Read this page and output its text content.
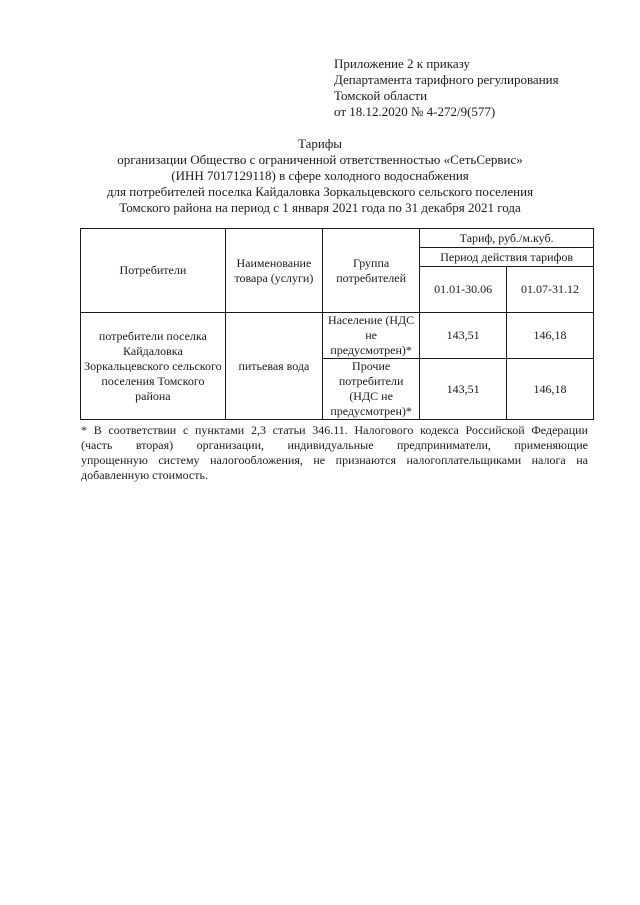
Приложение 2 к приказу
Департамента тарифного регулирования
Томской области
от 18.12.2020 № 4-272/9(577)
Тарифы
организации Общество с ограниченной ответственностью «СетьСервис»
(ИНН 7017129118) в сфере холодного водоснабжения
для потребителей поселка Кайдаловка Зоркальцевского сельского поселения
Томского района на период с 1 января 2021 года по 31 декабря 2021 года
Потребители	Наименование товара (услуги)	Группа потребителей	Тариф, руб./м.куб.	
			Период действия тарифов	
			01.01-30.06	01.07-31.12
потребители поселка Кайдаловка Зоркальцевского сельского поселения Томского района	питьевая вода	Население (НДС не предусмотрен)*	143,51	146,18
		Прочие потребители (НДС не предусмотрен)*	143,51	146,18
* В соответствии с пунктами 2,3 статьи 346.11. Налогового кодекса Российской Федерации
(часть вторая) организации, индивидуальные предприниматели, применяющие
упрощенную систему налогообложения, не признаются налогоплательщиками налога на
добавленную стоимость.
